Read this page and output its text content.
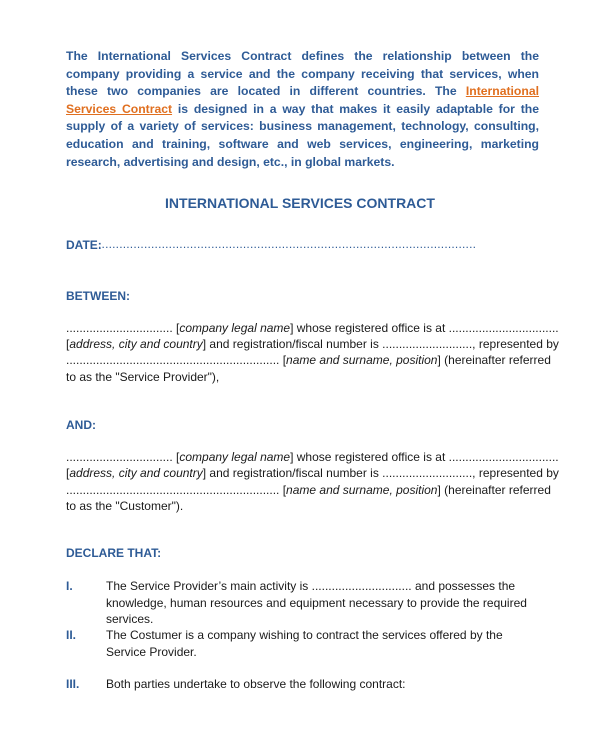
The International Services Contract defines the relationship between the company providing a service and the company receiving that services, when these two companies are located in different countries. The International Services Contract is designed in a way that makes it easily adaptable for the supply of a variety of services: business management, technology, consulting, education and training, software and web services, engineering, marketing research, advertising and design, etc., in global markets.

INTERNATIONAL SERVICES CONTRACT
DATE:
...........................................................................................................
BETWEEN:
................................ [company legal name] whose registered office is at .................................
[address, city and country] and registration/fiscal number is ..........................., represented by
................................................................ [name and surname, position] (hereinafter referred
to as the "Service Provider"),
AND:
................................ [company legal name] whose registered office is at .................................
[address, city and country] and registration/fiscal number is ..........................., represented by
................................................................ [name and surname, position] (hereinafter referred
to as the "Customer").
DECLARE THAT:
I.	The Service Provider’s main activity is .............................. and possesses the knowledge, human resources and equipment necessary to provide the required services.
II. The Costumer is a company wishing to contract the services offered by the Service Provider.
III. Both parties undertake to observe the following contract:
